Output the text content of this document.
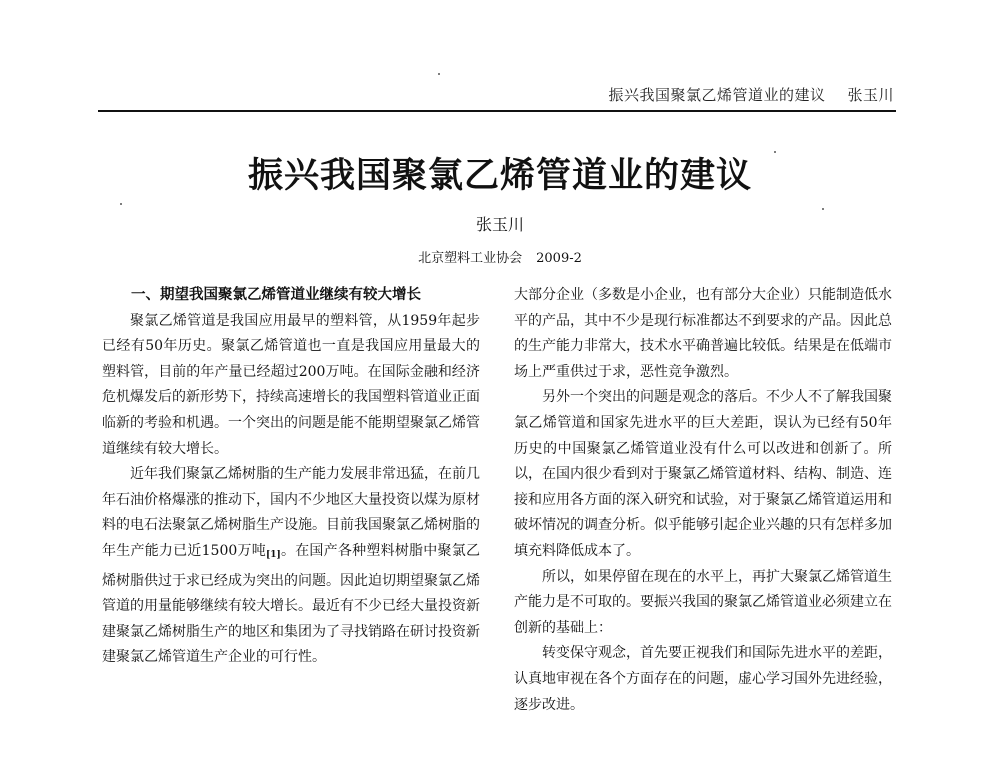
振兴我国聚氯乙烯管道业的建议 张玉川
振兴我国聚氯乙烯管道业的建议
张玉川
北京塑料工业协会 2009-2
一、期望我国聚氯乙烯管道业继续有较大增长

聚氯乙烯管道是我国应用最早的塑料管，从1959年起步已经有50年历史。聚氯乙烯管道也一直是我国应用量最大的塑料管，目前的年产量已经超过200万吨。在国际金融和经济危机爆发后的新形势下，持续高速增长的我国塑料管道业正面临新的考验和机遇。一个突出的问题是能不能期望聚氯乙烯管道继续有较大增长。

近年我们聚氯乙烯树脂的生产能力发展非常迅猛，在前几年石油价格爆涨的推动下，国内不少地区大量投资以煤为原材料的电石法聚氯乙烯树脂生产设施。目前我国聚氯乙烯树脂的年生产能力已近1500万吨[1]。在国产各种塑料树脂中聚氯乙烯树脂供过于求已经成为突出的问题。因此迫切期望聚氯乙烯管道的用量能够继续有较大增长。最近有不少已经大量投资新建聚氯乙烯树脂生产的地区和集团为了寻找销路在研讨投资新建聚氯乙烯管道生产企业的可行性。

大部分企业（多数是小企业，也有部分大企业）只能制造低水平的产品，其中不少是现行标准都达不到要求的产品。因此总的生产能力非常大，技术水平确普遍比较低。结果是在低端市场上严重供过于求，恶性竞争激烈。

另外一个突出的问题是观念的落后。不少人不了解我国聚氯乙烯管道和国家先进水平的巨大差距，误认为已经有50年历史的中国聚氯乙烯管道业没有什么可以改进和创新了。所以，在国内很少看到对于聚氯乙烯管道材料、结构、制造、连接和应用各方面的深入研究和试验，对于聚氯乙烯管道运用和破坏情况的调查分析。似乎能够引起企业兴趣的只有怎样多加填充料降低成本了。

所以，如果停留在现在的水平上，再扩大聚氯乙烯管道生产能力是不可取的。要振兴我国的聚氯乙烯管道业必须建立在创新的基础上：

转变保守观念，首先要正视我们和国际先进水平的差距，认真地审视在各个方面存在的问题，虚心学习国外先进经验，逐步改进。
